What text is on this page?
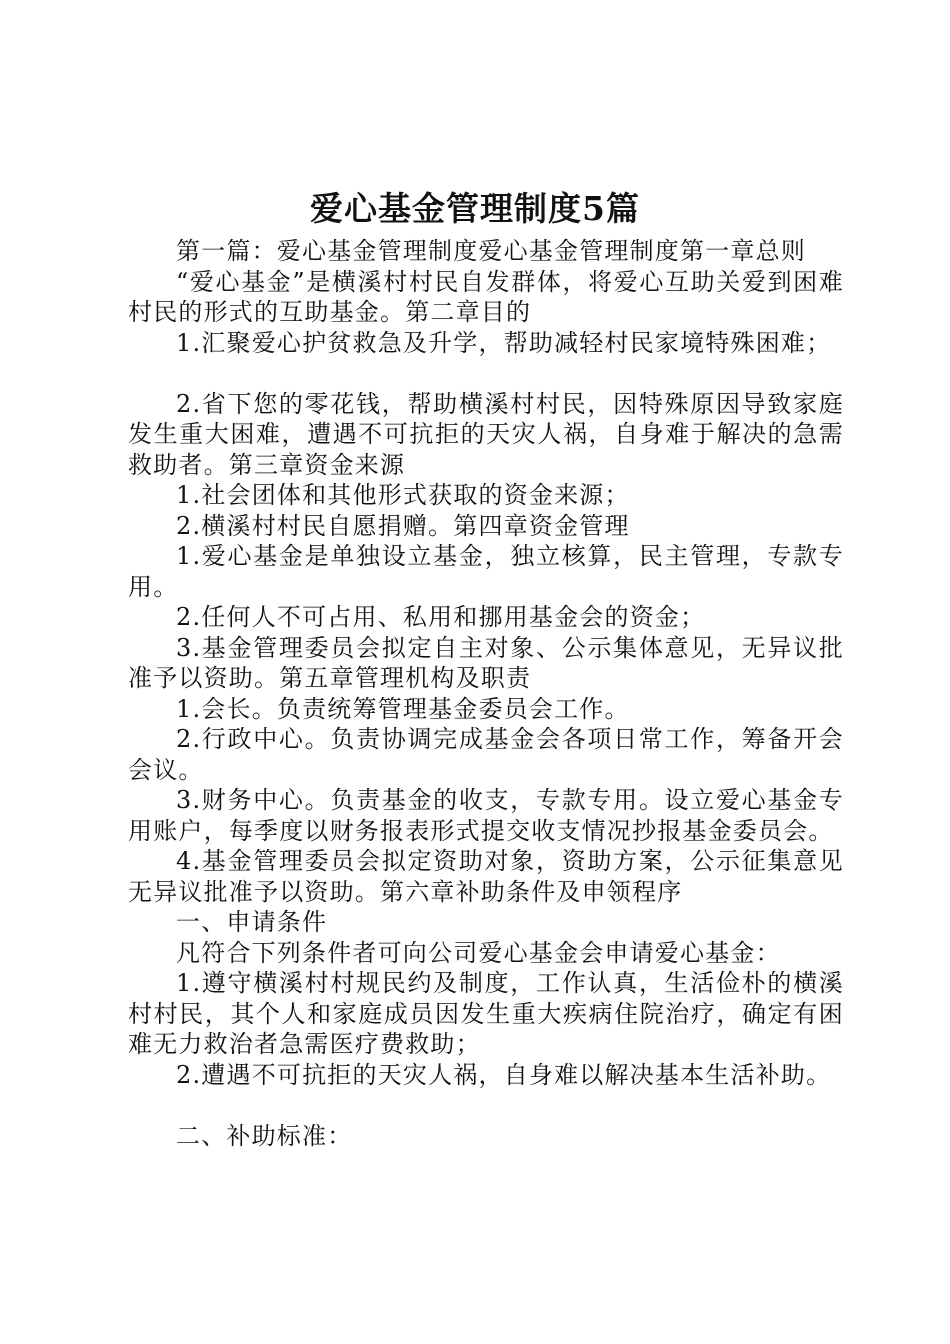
爱心基金管理制度5篇

第一篇：爱心基金管理制度爱心基金管理制度第一章总则

“爱心基金”是横溪村村民自发群体，将爱心互助关爱到困难村民的形式的互助基金。第二章目的

1.汇聚爱心护贫救急及升学，帮助减轻村民家境特殊困难；

2.省下您的零花钱，帮助横溪村村民，因特殊原因导致家庭发生重大困难，遭遇不可抗拒的天灾人祸，自身难于解决的急需救助者。第三章资金来源

1.社会团体和其他形式获取的资金来源；

2.横溪村村民自愿捐赠。第四章资金管理

1.爱心基金是单独设立基金，独立核算，民主管理，专款专用。

2.任何人不可占用、私用和挪用基金会的资金；

3.基金管理委员会拟定自主对象、公示集体意见，无异议批准予以资助。第五章管理机构及职责

1.会长。负责统筹管理基金委员会工作。

2.行政中心。负责协调完成基金会各项日常工作，筹备开会会议。

3.财务中心。负责基金的收支，专款专用。设立爱心基金专用账户，每季度以财务报表形式提交收支情况抄报基金委员会。

4.基金管理委员会拟定资助对象，资助方案，公示征集意见无异议批准予以资助。第六章补助条件及申领程序

一、申请条件

凡符合下列条件者可向公司爱心基金会申请爱心基金：

1.遵守横溪村村规民约及制度，工作认真，生活俭朴的横溪村村民，其个人和家庭成员因发生重大疾病住院治疗，确定有困难无力救治者急需医疗费救助；

2.遭遇不可抗拒的天灾人祸，自身难以解决基本生活补助。

二、补助标准：
